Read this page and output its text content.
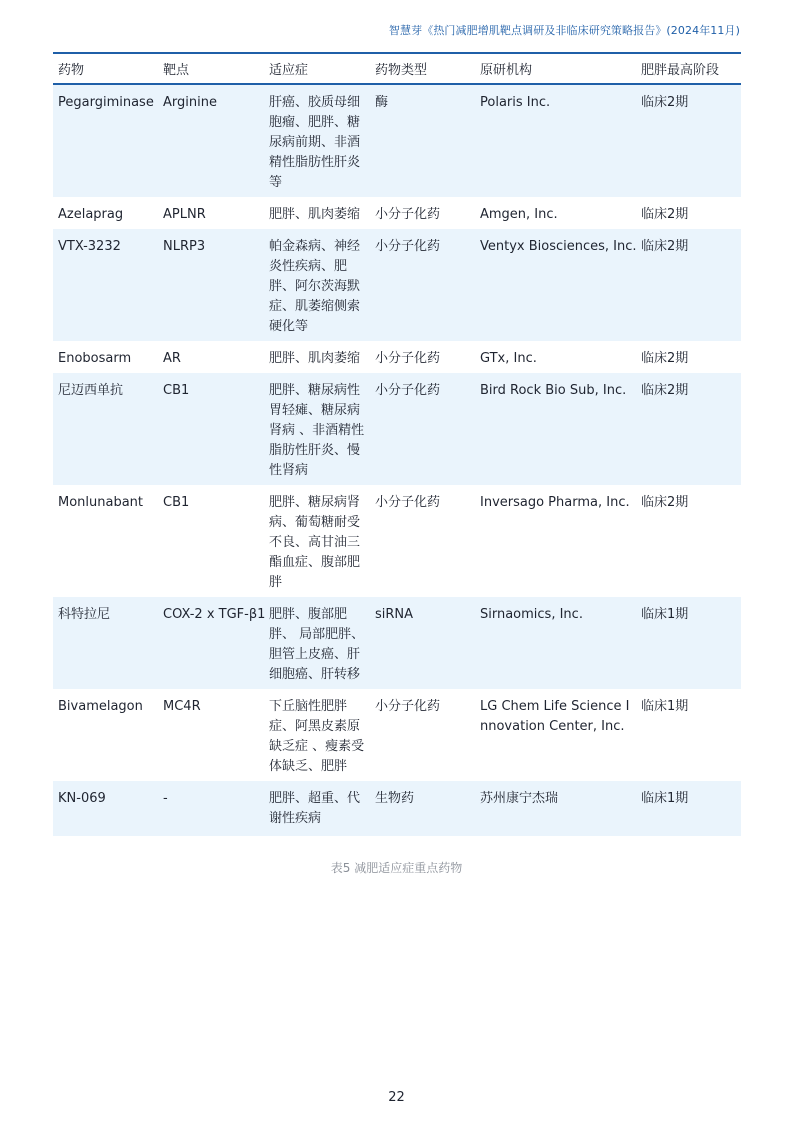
智慧芽《热门减肥增肌靶点调研及非临床研究策略报告》(2024年11月)
药物	靶点	适应症	药物类型	原研机构	肥胖最高阶段
Pegargiminase	Arginine	肝癌、胶质母细胞瘤、肥胖、糖尿病前期、非酒精性脂肪性肝炎等	酶	Polaris Inc.	临床2期
Azelaprag	APLNR	肥胖、肌肉萎缩	小分子化药	Amgen, Inc.	临床2期
VTX-3232	NLRP3	帕金森病、神经炎性疾病、肥胖、阿尔茨海默症、肌萎缩侧索硬化等	小分子化药	Ventyx Biosciences, Inc.	临床2期
Enobosarm	AR	肥胖、肌肉萎缩	小分子化药	GTx, Inc.	临床2期
尼迈西单抗	CB1	肥胖、糖尿病性胃轻瘫、糖尿病肾病 、非酒精性脂肪性肝炎、慢性肾病	小分子化药	Bird Rock Bio Sub, Inc.	临床2期
Monlunabant	CB1	肥胖、糖尿病肾病、葡萄糖耐受不良、高甘油三酯血症、腹部肥胖	小分子化药	Inversago Pharma, Inc.	临床2期
科特拉尼	COX-2 x TGF-β1	肥胖、腹部肥胖、 局部肥胖、胆管上皮癌、肝细胞癌、肝转移	siRNA	Sirnaomics, Inc.	临床1期
Bivamelagon	MC4R	下丘脑性肥胖症、阿黑皮素原缺乏症 、瘦素受体缺乏、肥胖	小分子化药	LG Chem Life Science Innovation Center, Inc.	临床1期
KN-069	-	肥胖、超重、代谢性疾病	生物药	苏州康宁杰瑞	临床1期
表5 减肥适应症重点药物
22
